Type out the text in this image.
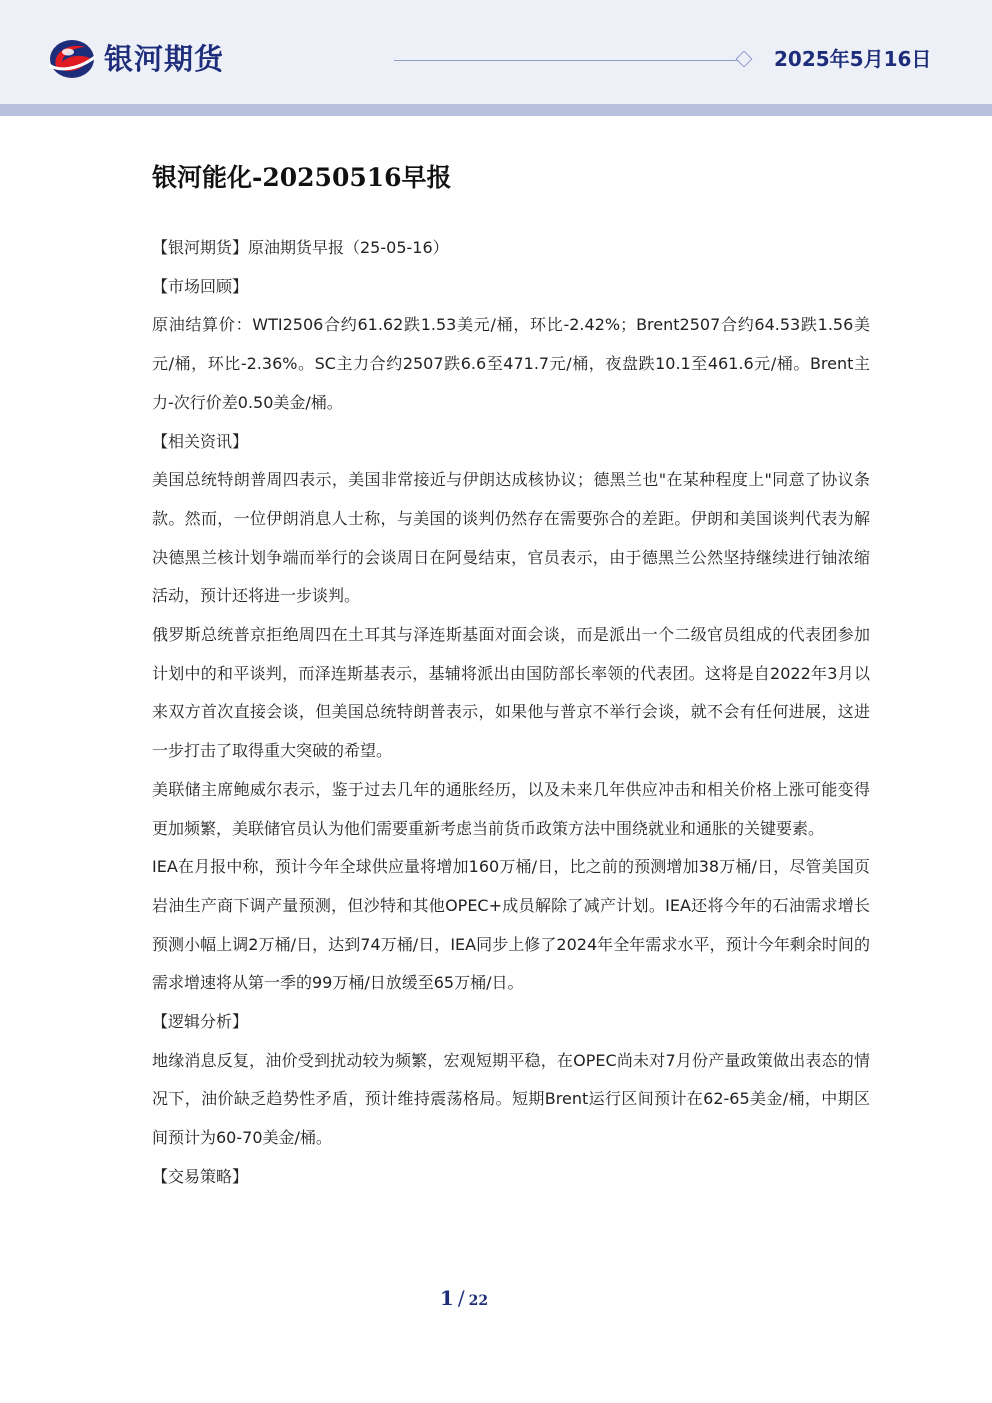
银河期货	2025年5月16日
银河能化-20250516早报

【银河期货】原油期货早报（25-05-16）

【市场回顾】

原油结算价：WTI2506合约61.62跌1.53美元/桶，环比-2.42%；Brent2507合约64.53跌1.56美元/桶，环比-2.36%。SC主力合约2507跌6.6至471.7元/桶，夜盘跌10.1至461.6元/桶。Brent主力-次行价差0.50美金/桶。

【相关资讯】

美国总统特朗普周四表示，美国非常接近与伊朗达成核协议；德黑兰也"在某种程度上"同意了协议条款。然而，一位伊朗消息人士称，与美国的谈判仍然存在需要弥合的差距。伊朗和美国谈判代表为解决德黑兰核计划争端而举行的会谈周日在阿曼结束，官员表示，由于德黑兰公然坚持继续进行铀浓缩活动，预计还将进一步谈判。

俄罗斯总统普京拒绝周四在土耳其与泽连斯基面对面会谈，而是派出一个二级官员组成的代表团参加计划中的和平谈判，而泽连斯基表示，基辅将派出由国防部长率领的代表团。这将是自2022年3月以来双方首次直接会谈，但美国总统特朗普表示，如果他与普京不举行会谈，就不会有任何进展，这进一步打击了取得重大突破的希望。

美联储主席鲍威尔表示，鉴于过去几年的通胀经历，以及未来几年供应冲击和相关价格上涨可能变得更加频繁，美联储官员认为他们需要重新考虑当前货币政策方法中围绕就业和通胀的关键要素。

IEA在月报中称，预计今年全球供应量将增加160万桶/日，比之前的预测增加38万桶/日，尽管美国页岩油生产商下调产量预测，但沙特和其他OPEC+成员解除了减产计划。IEA还将今年的石油需求增长预测小幅上调2万桶/日，达到74万桶/日，IEA同步上修了2024年全年需求水平，预计今年剩余时间的需求增速将从第一季的99万桶/日放缓至65万桶/日。

【逻辑分析】

地缘消息反复，油价受到扰动较为频繁，宏观短期平稳，在OPEC尚未对7月份产量政策做出表态的情况下，油价缺乏趋势性矛盾，预计维持震荡格局。短期Brent运行区间预计在62-65美金/桶，中期区间预计为60-70美金/桶。

【交易策略】

1 / 22
